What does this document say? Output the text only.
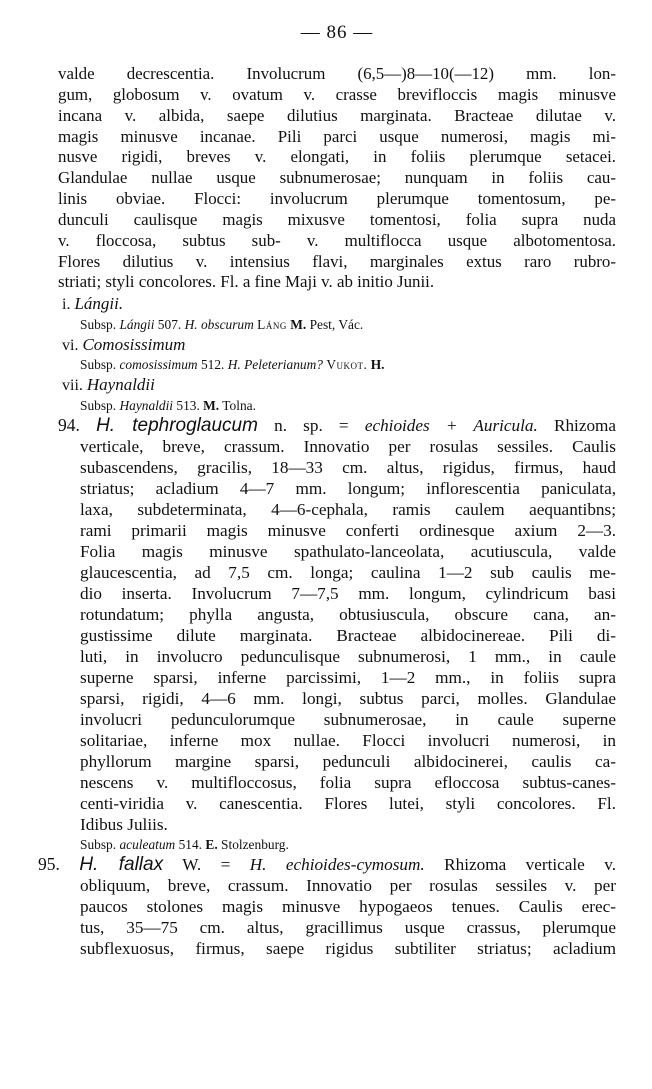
— 86 —

valde decrescentia. Involucrum (6,5—)8—10(—12) mm. lon-

gum, globosum v. ovatum v. crasse brevifloccis magis minusve

incana v. albida, saepe dilutius marginata. Bracteae dilutae v.

magis minusve incanae. Pili parci usque numerosi, magis mi-

nusve rigidi, breves v. elongati, in foliis plerumque setacei.

Glandulae nullae usque subnumerosae; nunquam in foliis cau-

linis obviae. Flocci: involucrum plerumque tomentosum, pe-

dunculi caulisque magis mixusve tomentosi, folia supra nuda

v. floccosa, subtus sub- v. multiflocca usque albotomentosa.

Flores dilutius v. intensius flavi, marginales extus raro rubro-

striati; styli concolores. Fl. a fine Maji v. ab initio Junii.

i. Lángii.

Subsp. Lángii 507. H. obscurum Láng M. Pest, Vác.

vi. Comosissimum

Subsp. comosissimum 512. H. Peleterianum? Vukot. H.

vii. Haynaldii

Subsp. Haynaldii 513. M. Tolna.

94. H. tephroglaucum n. sp. = echioides + Auricula. Rhizoma

verticale, breve, crassum. Innovatio per rosulas sessiles. Caulis

subascendens, gracilis, 18—33 cm. altus, rigidus, firmus, haud

striatus; acladium 4—7 mm. longum; inflorescentia paniculata,

laxa, subdeterminata, 4—6-cephala, ramis caulem aequantibns;

rami primarii magis minusve conferti ordinesque axium 2—3.

Folia magis minusve spathulato-lanceolata, acutiuscula, valde

glaucescentia, ad 7,5 cm. longa; caulina 1—2 sub caulis me-

dio inserta. Involucrum 7—7,5 mm. longum, cylindricum basi

rotundatum; phylla angusta, obtusiuscula, obscure cana, an-

gustissime dilute marginata. Bracteae albidocinereae. Pili di-

luti, in involucro pedunculisque subnumerosi, 1 mm., in caule

superne sparsi, inferne parcissimi, 1—2 mm., in foliis supra

sparsi, rigidi, 4—6 mm. longi, subtus parci, molles. Glandulae

involucri pedunculorumque subnumerosae, in caule superne

solitariae, inferne mox nullae. Flocci involucri numerosi, in

phyllorum margine sparsi, pedunculi albidocinerei, caulis ca-

nescens v. multifloccosus, folia supra efloccosa subtus-canes-

centi-viridia v. canescentia. Flores lutei, styli concolores. Fl.

Idibus Juliis.

Subsp. aculeatum 514. E. Stolzenburg.

95. H. fallax W. = H. echioides-cymosum. Rhizoma verticale v.

obliquum, breve, crassum. Innovatio per rosulas sessiles v. per

paucos stolones magis minusve hypogaeos tenues. Caulis erec-

tus, 35—75 cm. altus, gracillimus usque crassus, plerumque

subflexuosus, firmus, saepe rigidus subtiliter striatus; acladium
